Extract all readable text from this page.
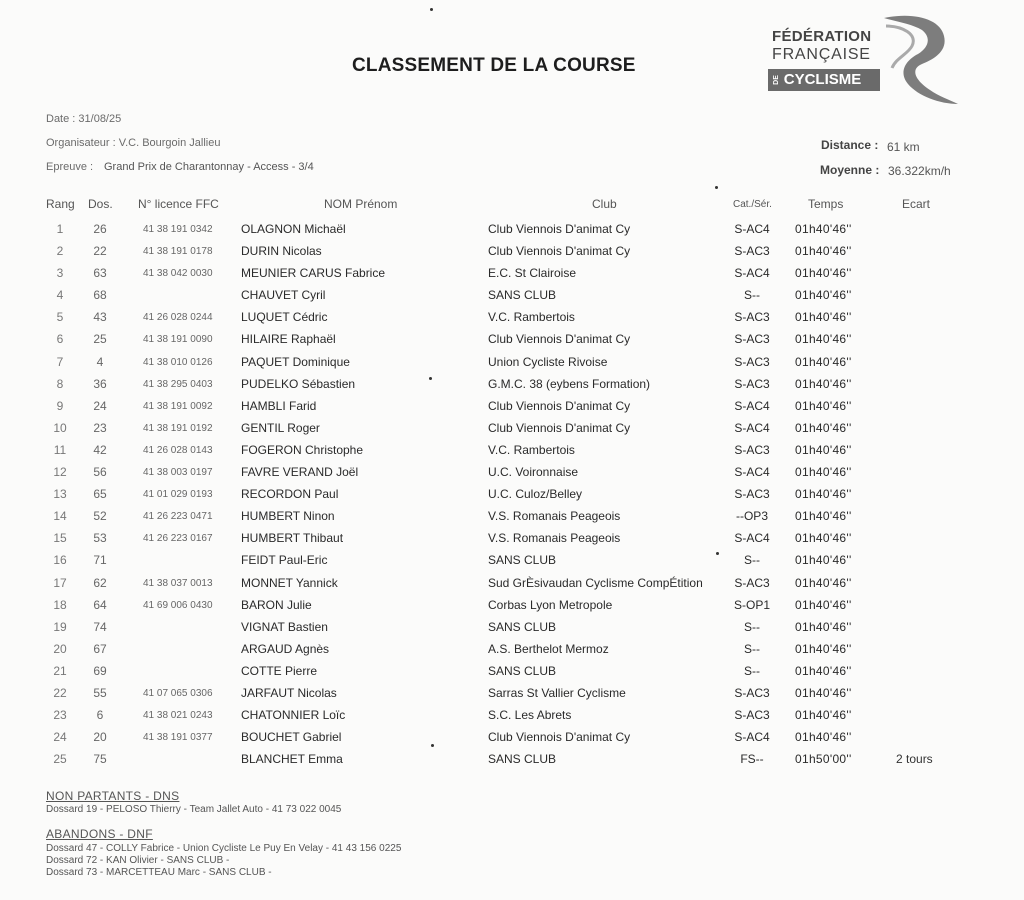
CLASSEMENT DE LA COURSE
FÉDÉRATION
FRANÇAISE
DE CYCLISME
Date : 31/08/25
Organisateur : V.C. Bourgoin Jallieu
Epreuve : Grand Prix de Charantonnay - Access - 3/4
Distance : 61 km
Moyenne : 36.322km/h
Rang Dos. N° licence FFC	NOM Prénom	Club	Cat./Sér.	Temps	Ecart
1	26	41 38 191 0342 OLAGNON Michaël	Club Viennois D'animat Cy	S-AC4	01h40'46''
2	22	41 38 191 0178 DURIN Nicolas	Club Viennois D'animat Cy	S-AC3	01h40'46''
3	63	41 38 042 0030 MEUNIER CARUS Fabrice	E.C. St Clairoise	S-AC4	01h40'46''
4	68	CHAUVET Cyril	SANS CLUB	S--	01h40'46''
5	43	41 26 028 0244 LUQUET Cédric	V.C. Rambertois	S-AC3	01h40'46''
6	25	41 38 191 0090 HILAIRE Raphaël	Club Viennois D'animat Cy	S-AC3	01h40'46''
7	4	41 38 010 0126 PAQUET Dominique	Union Cycliste Rivoise	S-AC3	01h40'46''
8	36	41 38 295 0403 PUDELKO Sébastien	G.M.C. 38 (eybens Formation)	S-AC3	01h40'46''
9	24	41 38 191 0092 HAMBLI Farid	Club Viennois D'animat Cy	S-AC4	01h40'46''
10	23	41 38 191 0192 GENTIL Roger	Club Viennois D'animat Cy	S-AC4	01h40'46''
11	42	41 26 028 0143 FOGERON Christophe	V.C. Rambertois	S-AC3	01h40'46''
12	56	41 38 003 0197 FAVRE VERAND Joël	U.C. Voironnaise	S-AC4	01h40'46''
13	65	41 01 029 0193 RECORDON Paul	U.C. Culoz/Belley	S-AC3	01h40'46''
14	52	41 26 223 0471 HUMBERT Ninon	V.S. Romanais Peageois	--OP3	01h40'46''
15	53	41 26 223 0167 HUMBERT Thibaut	V.S. Romanais Peageois	S-AC4	01h40'46''
16	71	FEIDT Paul-Eric	SANS CLUB	S--	01h40'46''
17	62	41 38 037 0013 MONNET Yannick	Sud GrÈsivaudan Cyclisme CompÉtition	S-AC3	01h40'46''
18	64	41 69 006 0430 BARON Julie	Corbas Lyon Metropole	S-OP1	01h40'46''
19	74	VIGNAT Bastien	SANS CLUB	S--	01h40'46''
20	67	ARGAUD Agnès	A.S. Berthelot Mermoz	S--	01h40'46''
21	69	COTTE Pierre	SANS CLUB	S--	01h40'46''
22	55	41 07 065 0306 JARFAUT Nicolas	Sarras St Vallier Cyclisme	S-AC3	01h40'46''
23	6	41 38 021 0243 CHATONNIER Loïc	S.C. Les Abrets	S-AC3	01h40'46''
24	20	41 38 191 0377 BOUCHET Gabriel	Club Viennois D'animat Cy	S-AC4	01h40'46''
25	75	BLANCHET Emma	SANS CLUB	FS--	01h50'00''	2 tours
NON PARTANTS - DNS
Dossard 19 - PELOSO Thierry - Team Jallet Auto - 41 73 022 0045
ABANDONS - DNF
Dossard 47 - COLLY Fabrice - Union Cycliste Le Puy En Velay - 41 43 156 0225
Dossard 72 - KAN Olivier - SANS CLUB -
Dossard 73 - MARCETTEAU Marc - SANS CLUB -
